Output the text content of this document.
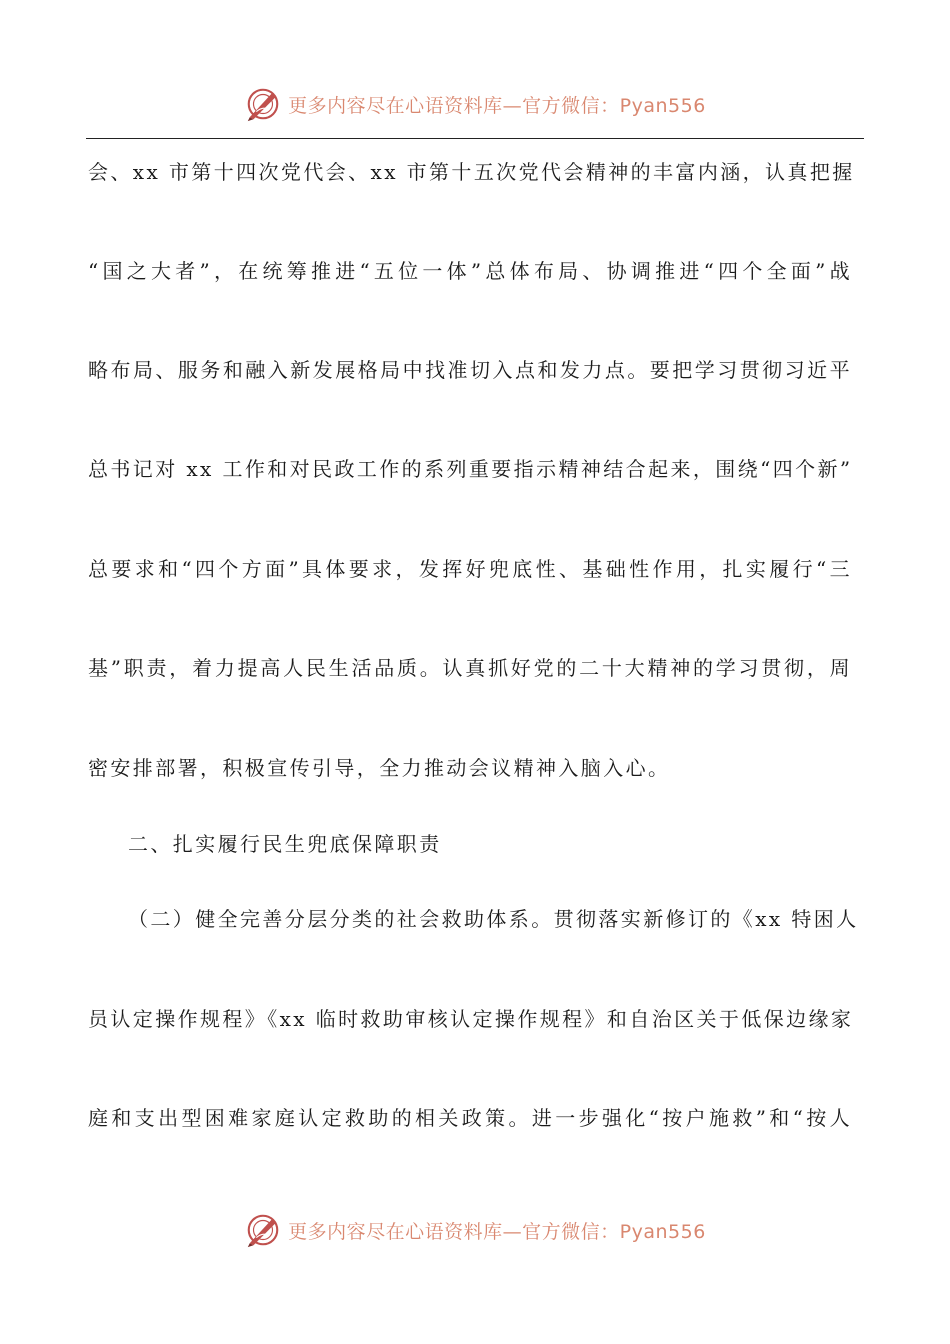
更多内容尽在心语资料库—官方微信：Pyan556
会、xx 市第十四次党代会、xx 市第十五次党代会精神的丰富内涵，认真把握
“国之大者”，在统筹推进“五位一体”总体布局、协调推进“四个全面”战
略布局、服务和融入新发展格局中找准切入点和发力点。要把学习贯彻习近平
总书记对 xx 工作和对民政工作的系列重要指示精神结合起来，围绕“四个新”
总要求和“四个方面”具体要求，发挥好兜底性、基础性作用，扎实履行“三
基”职责，着力提高人民生活品质。认真抓好党的二十大精神的学习贯彻，周
密安排部署，积极宣传引导，全力推动会议精神入脑入心。
二、扎实履行民生兜底保障职责
（二）健全完善分层分类的社会救助体系。贯彻落实新修订的《xx 特困人
员认定操作规程》《xx 临时救助审核认定操作规程》和自治区关于低保边缘家
庭和支出型困难家庭认定救助的相关政策。进一步强化“按户施救”和“按人
更多内容尽在心语资料库—官方微信：Pyan556
